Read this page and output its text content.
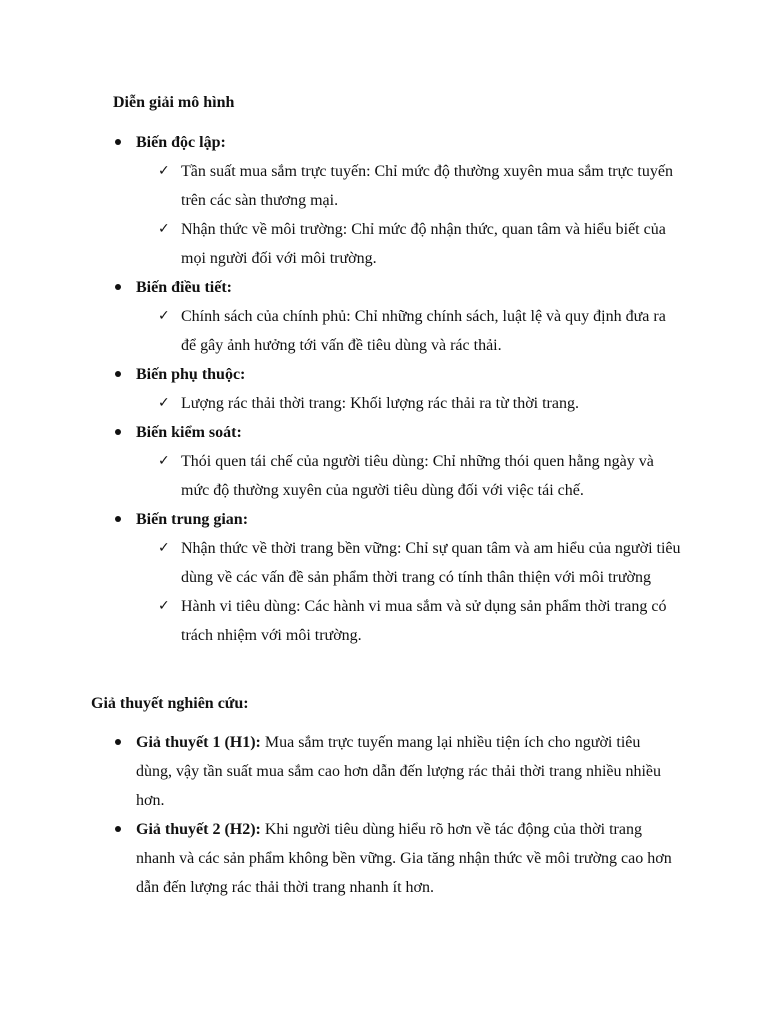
Diễn giải mô hình
Biến độc lập:
✓ Tần suất mua sắm trực tuyến: Chỉ mức độ thường xuyên mua sắm trực tuyến trên các sàn thương mại.
✓ Nhận thức về môi trường: Chỉ mức độ nhận thức, quan tâm và hiểu biết của mọi người đối với môi trường.
Biến điều tiết:
✓ Chính sách của chính phủ: Chỉ những chính sách, luật lệ và quy định đưa ra để gây ảnh hưởng tới vấn đề tiêu dùng và rác thải.
Biến phụ thuộc:
✓ Lượng rác thải thời trang: Khối lượng rác thải ra từ thời trang.
Biến kiểm soát:
✓ Thói quen tái chế của người tiêu dùng: Chỉ những thói quen hằng ngày và mức độ thường xuyên của người tiêu dùng đối với việc tái chế.
Biến trung gian:
✓ Nhận thức về thời trang bền vững: Chỉ sự quan tâm và am hiểu của người tiêu dùng về các vấn đề sản phẩm thời trang có tính thân thiện với môi trường
✓ Hành vi tiêu dùng: Các hành vi mua sắm và sử dụng sản phẩm thời trang có trách nhiệm với môi trường.
Giả thuyết nghiên cứu:
Giả thuyết 1 (H1): Mua sắm trực tuyến mang lại nhiều tiện ích cho người tiêu dùng, vậy tần suất mua sắm cao hơn dẫn đến lượng rác thải thời trang nhiều nhiều hơn.
Giả thuyết 2 (H2): Khi người tiêu dùng hiểu rõ hơn về tác động của thời trang nhanh và các sản phẩm không bền vững. Gia tăng nhận thức về môi trường cao hơn dẫn đến lượng rác thải thời trang nhanh ít hơn.
